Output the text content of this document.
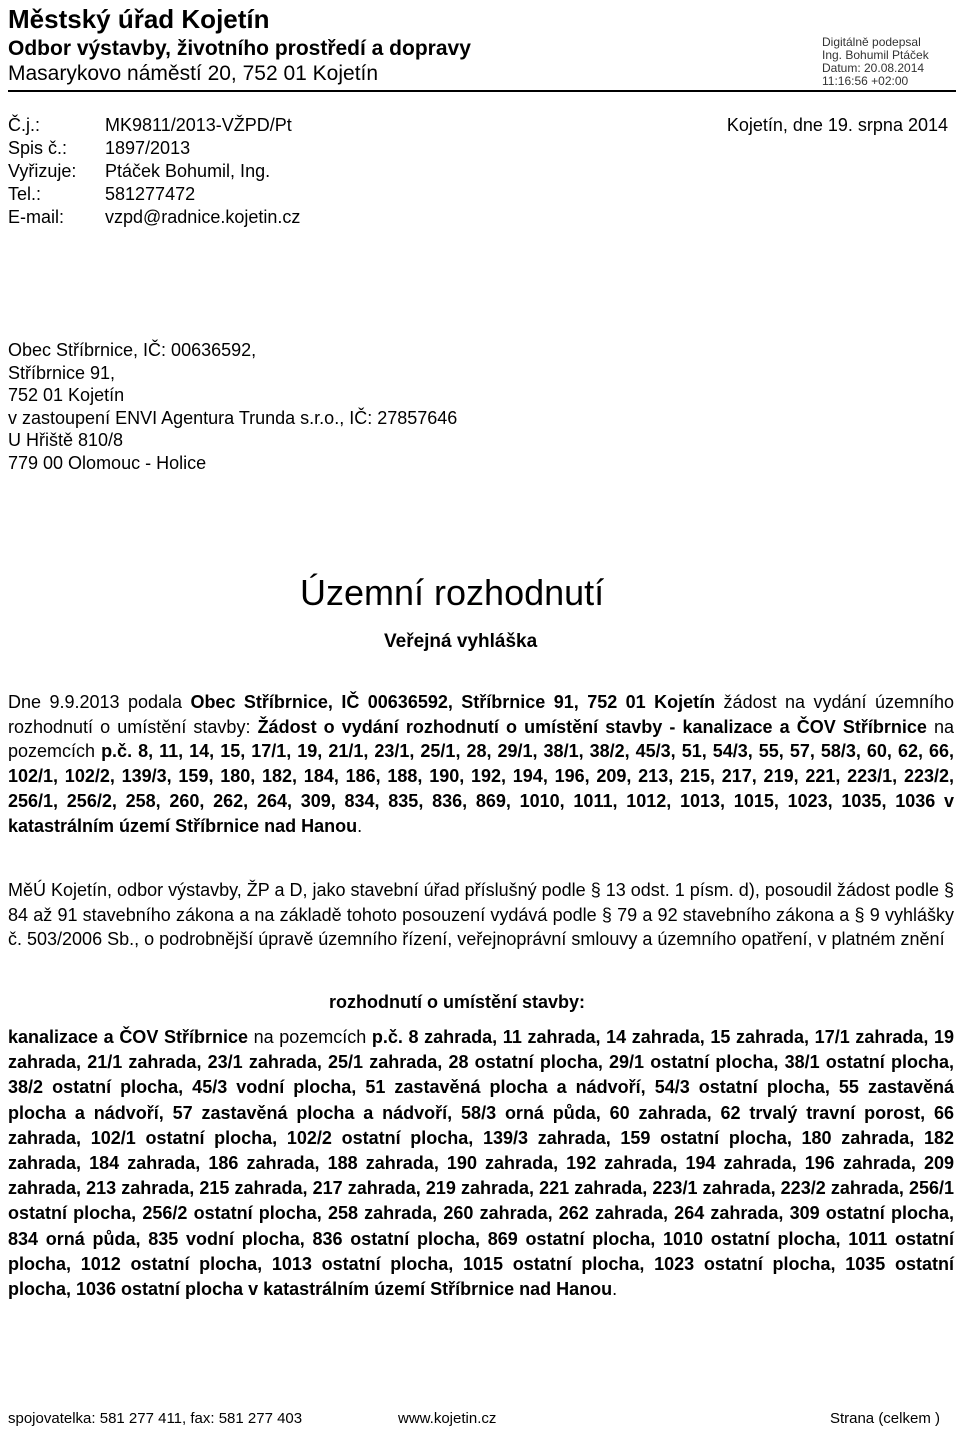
Městský úřad Kojetín
Odbor výstavby, životního prostředí a dopravy
Masarykovo náměstí 20, 752 01 Kojetín
Digitálně podepsal
Ing. Bohumil Ptáček
Datum: 20.08.2014
11:16:56 +02:00
Č.j.:	MK9811/2013-VŽPD/Pt	Kojetín, dne 19. srpna 2014
Spis č.: 1897/2013
Vyřizuje: Ptáček Bohumil, Ing.
Tel.:	581277472
E-mail: vzpd@radnice.kojetin.cz
Obec Stříbrnice, IČ: 00636592,
Stříbrnice 91,
752 01 Kojetín
v zastoupení ENVI Agentura Trunda s.r.o., IČ: 27857646
U Hřiště 810/8
779 00 Olomouc - Holice
Územní rozhodnutí
Veřejná vyhláška
Dne 9.9.2013 podala Obec Stříbrnice, IČ 00636592, Stříbrnice 91, 752 01 Kojetín žádost na vydání územního rozhodnutí o umístění stavby: Žádost o vydání rozhodnutí o umístění stavby - kanalizace a ČOV Stříbrnice na pozemcích p.č. 8, 11, 14, 15, 17/1, 19, 21/1, 23/1, 25/1, 28, 29/1, 38/1, 38/2, 45/3, 51, 54/3, 55, 57, 58/3, 60, 62, 66, 102/1, 102/2, 139/3, 159, 180, 182, 184, 186, 188, 190, 192, 194, 196, 209, 213, 215, 217, 219, 221, 223/1, 223/2, 256/1, 256/2, 258, 260, 262, 264, 309, 834, 835, 836, 869, 1010, 1011, 1012, 1013, 1015, 1023, 1035, 1036 v katastrálním území Stříbrnice nad Hanou.
MěÚ Kojetín, odbor výstavby, ŽP a D, jako stavební úřad příslušný podle § 13 odst. 1 písm. d), posoudil žádost podle § 84 až 91 stavebního zákona a na základě tohoto posouzení vydává podle § 79 a 92 stavebního zákona a § 9 vyhlášky č. 503/2006 Sb., o podrobnější úpravě územního řízení, veřejnoprávní smlouvy a územního opatření, v platném znění
rozhodnutí o umístění stavby:
kanalizace a ČOV Stříbrnice na pozemcích p.č. 8 zahrada, 11 zahrada, 14 zahrada, 15 zahrada, 17/1 zahrada, 19 zahrada, 21/1 zahrada, 23/1 zahrada, 25/1 zahrada, 28 ostatní plocha, 29/1 ostatní plocha, 38/1 ostatní plocha, 38/2 ostatní plocha, 45/3 vodní plocha, 51 zastavěná plocha a nádvoří, 54/3 ostatní plocha, 55 zastavěná plocha a nádvoří, 57 zastavěná plocha a nádvoří, 58/3 orná půda, 60 zahrada, 62 trvalý travní porost, 66 zahrada, 102/1 ostatní plocha, 102/2 ostatní plocha, 139/3 zahrada, 159 ostatní plocha, 180 zahrada, 182 zahrada, 184 zahrada, 186 zahrada, 188 zahrada, 190 zahrada, 192 zahrada, 194 zahrada, 196 zahrada, 209 zahrada, 213 zahrada, 215 zahrada, 217 zahrada, 219 zahrada, 221 zahrada, 223/1 zahrada, 223/2 zahrada, 256/1 ostatní plocha, 256/2 ostatní plocha, 258 zahrada, 260 zahrada, 262 zahrada, 264 zahrada, 309 ostatní plocha, 834 orná půda, 835 vodní plocha, 836 ostatní plocha, 869 ostatní plocha, 1010 ostatní plocha, 1011 ostatní plocha, 1012 ostatní plocha, 1013 ostatní plocha, 1015 ostatní plocha, 1023 ostatní plocha, 1035 ostatní plocha, 1036 ostatní plocha v katastrálním území Stříbrnice nad Hanou.
spojovatelka: 581 277 411, fax: 581 277 403	www.kojetin.cz	Strana (celkem )
